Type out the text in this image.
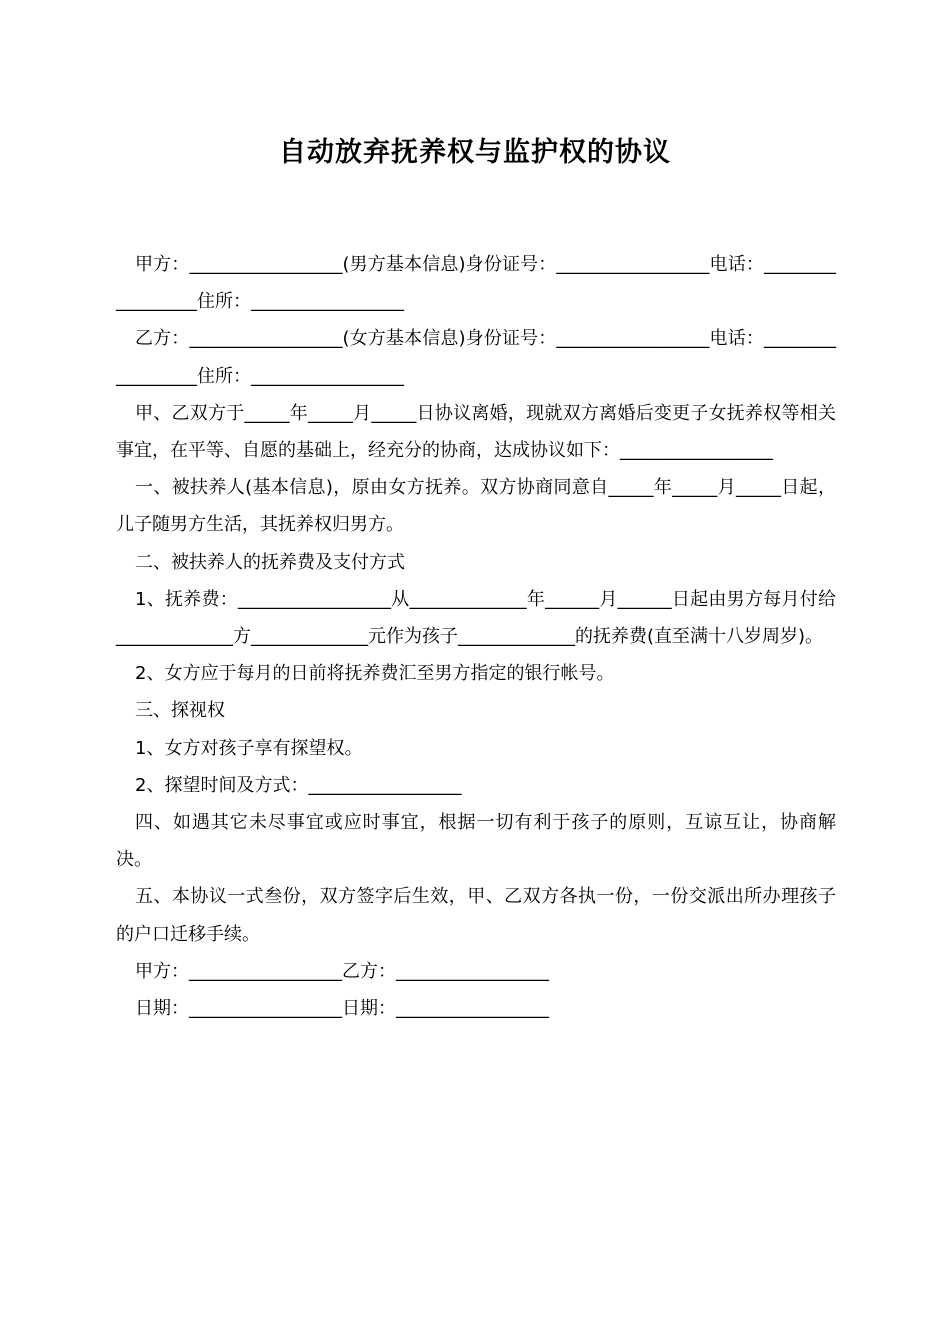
自动放弃抚养权与监护权的协议

甲方：_________________(男方基本信息)身份证号：_________________电话：_________________住所：_________________

乙方：_________________(女方基本信息)身份证号：_________________电话：_________________住所：_________________

甲、乙双方于_____年_____月_____日协议离婚，现就双方离婚后变更子女抚养权等相关事宜，在平等、自愿的基础上，经充分的协商，达成协议如下：_________________

一、被扶养人(基本信息)，原由女方抚养。双方协商同意自_____年_____月_____日起，儿子随男方生活，其抚养权归男方。

二、被扶养人的抚养费及支付方式

1、抚养费：_________________从_____________年______月______日起由男方每月付给_____________方_____________元作为孩子_____________的抚养费(直至满十八岁周岁)。

2、女方应于每月的日前将抚养费汇至男方指定的银行帐号。

三、探视权

1、女方对孩子享有探望权。

2、探望时间及方式：_________________

四、如遇其它未尽事宜或应时事宜，根据一切有利于孩子的原则，互谅互让，协商解决。

五、本协议一式叁份，双方签字后生效，甲、乙双方各执一份，一份交派出所办理孩子的户口迁移手续。

甲方：_________________乙方：_________________

日期：_________________日期：_________________
